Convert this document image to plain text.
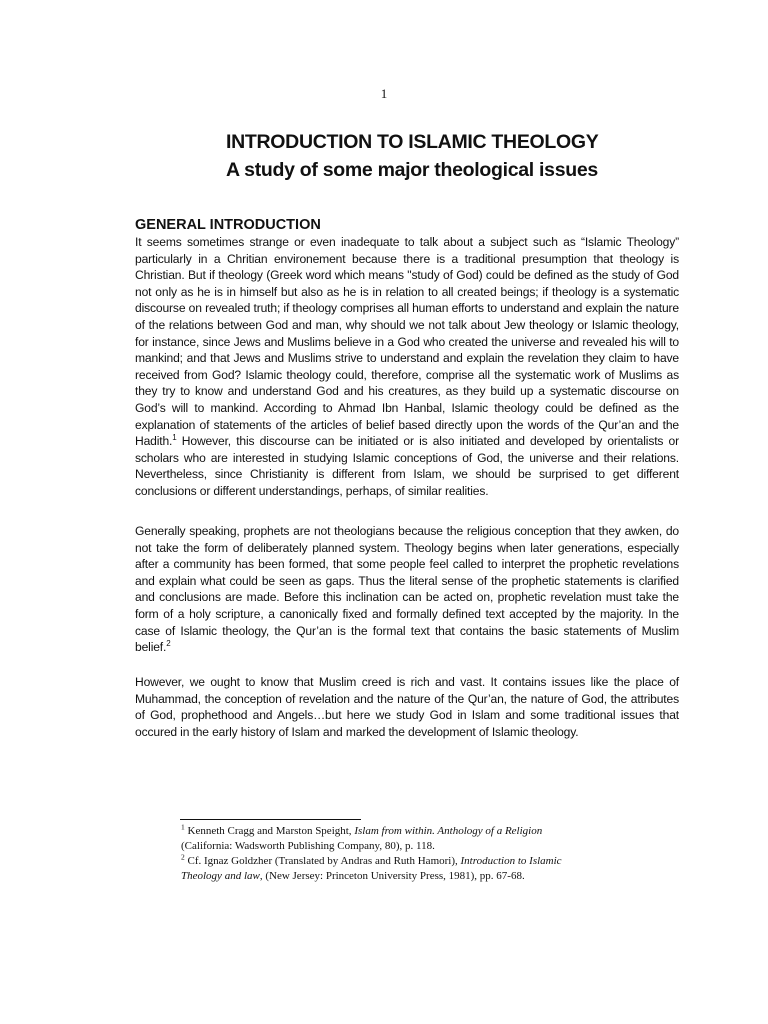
1
INTRODUCTION TO ISLAMIC THEOLOGY
A study of some major theological issues
GENERAL INTRODUCTION
It seems sometimes strange or even inadequate to talk about a subject such as “Islamic Theology” particularly in a Chritian environement because there is a traditional presumption that theology is Christian. But if theology (Greek word which means "study of God) could be defined as the study of God not only as he is in himself but also as he is in relation to all created beings; if theology is a systematic discourse on revealed truth; if theology comprises all human efforts to understand and explain the nature of the relations between God and man, why should we not talk about Jew theology or Islamic theology, for instance, since Jews and Muslims believe in a God who created the universe and revealed his will to mankind; and that Jews and Muslims strive to understand and explain the revelation they claim to have received from God? Islamic theology could, therefore, comprise all the systematic work of Muslims as they try to know and understand God and his creatures, as they build up a systematic discourse on God’s will to mankind. According to Ahmad Ibn Hanbal, Islamic theology could be defined as the explanation of statements of the articles of belief based directly upon the words of the Qur’an and the Hadith.$^1$ However, this discourse can be initiated or is also initiated and developed by orientalists or scholars who are interested in studying Islamic conceptions of God, the universe and their relations. Nevertheless, since Christianity is different from Islam, we should be surprised to get different conclusions or different understandings, perhaps, of similar realities.
Generally speaking, prophets are not theologians because the religious conception that they awken, do not take the form of deliberately planned system. Theology begins when later generations, especially after a community has been formed, that some people feel called to interpret the prophetic revelations and explain what could be seen as gaps. Thus the literal sense of the prophetic statements is clarified and conclusions are made. Before this inclination can be acted on, prophetic revelation must take the form of a holy scripture, a canonically fixed and formally defined text accepted by the majority. In the case of Islamic theology, the Qur’an is the formal text that contains the basic statements of Muslim belief.$^2$
However, we ought to know that Muslim creed is rich and vast. It contains issues like the place of Muhammad, the conception of revelation and the nature of the Qur’an, the nature of God, the attributes of God, prophethood and Angels…but here we study God in Islam and some traditional issues that occured in the early history of Islam and marked the development of Islamic theology.

$^1$ Kenneth Cragg and Marston Speight, Islam from within. Anthology of a Religion (California: Wadsworth Publishing Company, 80), p. 118.

$^2$ Cf. Ignaz Goldzher (Translated by Andras and Ruth Hamori), Introduction to Islamic Theology and law, (New Jersey: Princeton University Press, 1981), pp. 67-68.
